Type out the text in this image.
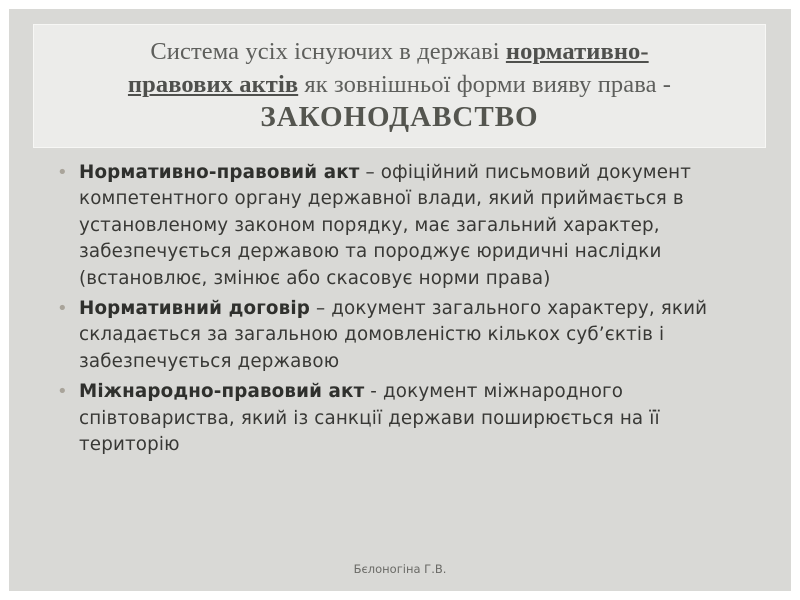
Система усіх існуючих в державі нормативно-
правових актів як зовнішньої форми вияву права -
ЗАКОНОДАВСТВО
• Нормативно-правовий акт – офіційний письмовий документ компетентного органу державної влади, який приймається в установленому законом порядку, має загальний характер, забезпечується державою та породжує юридичні наслідки (встановлює, змінює або скасовує норми права)
• Нормативний договір – документ загального характеру, який складається за загальною домовленістю кількох суб’єктів і забезпечується державою
• Міжнародно-правовий акт - документ міжнародного співтовариства, який із санкції держави поширюється на її територію
Бєлоногіна Г.В.
